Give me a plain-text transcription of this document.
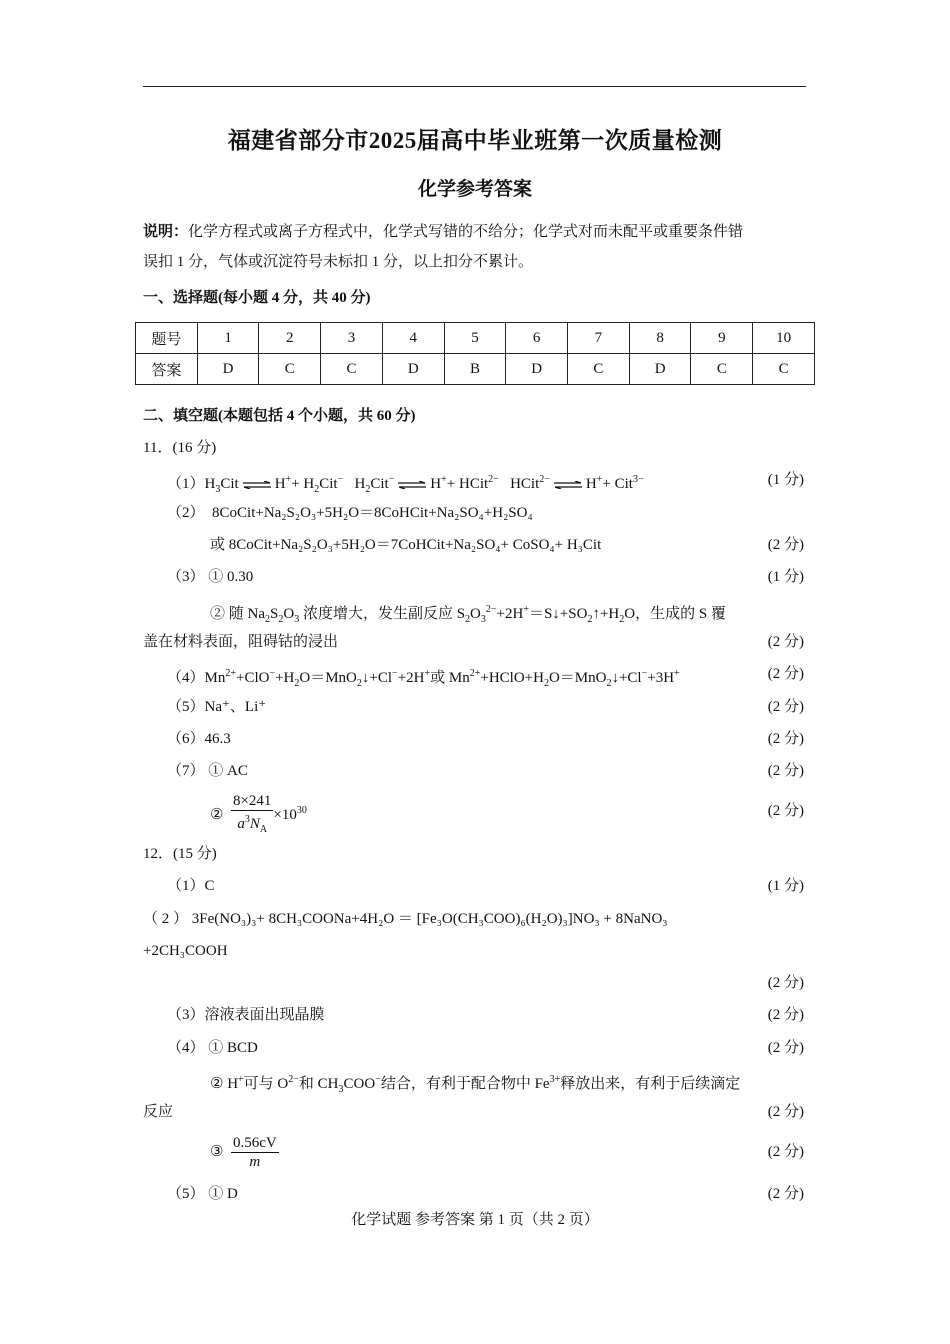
福建省部分市2025届高中毕业班第一次质量检测
化学参考答案
说明：化学方程式或离子方程式中，化学式写错的不给分；化学式对而未配平或重要条件错
误扣 1 分，气体或沉淀符号未标扣 1 分，以上扣分不累计。
一、选择题(每小题 4 分，共 40 分)
题号	1	2	3	4	5	6	7	8	9	10
答案	D	C	C	D	B	D	C	D	C	C
二、填空题(本题包括 4 个小题，共 60 分)
11．(16 分)
$(1)H_3Cit$ ⇌ $H^++ H_2Cit^-$   $H_2Cit^-$ ⇌ H++ HCit$^{2-}$   HCit$^{2-}$ ⇌ H++ Cit$^{3-}$	(1 分)
（2） 8CoCit+Na₂S₂O₃+5H₂O＝8CoHCit+Na₂SO₄+H₂SO₄
或 8CoCit+Na₂S₂O₃+5H₂O＝7CoHCit+Na₂SO₄+ CoSO₄+ H₃Cit	(2 分)
（3） ① 0.30	(1 分)
② 随 $Na_2S_2O_3$ 浓度增大，发生副反应 $S_2O_3^{2-}+2H^+=S↓+SO_2↑+H_2O$，生成的 S 覆
盖在材料表面，阻碍钴的浸出	(2 分)
$(4)Mn^{2+}+ClO^-+H_2O=MnO_2↓+Cl^-+2H^+$或 $Mn^{2+}+HClO+H_2O=MnO_2↓+Cl^-+3H^+$	(2 分)
（5）Na⁺、Li⁺	(2 分)
（6）46.3	(2 分)
（7） ① AC	(2 分)
② $\frac{8\times 241}{a^3N_A} \times 10^{30}$	(2 分)
12．(15 分)
（1）C	(1 分)
（ 2 ） 3Fe(NO₃)₃+ 8CH₃COONa+4H₂O ＝ [Fe₃O(CH₃COO)₆(H₂O)₃]NO₃ + 8NaNO₃
+2CH₃COOH
(2 分)
（3）溶液表面出现晶膜	(2 分)
（4） ① BCD	(2 分)
② H+可与 $O^{2-}$和 $CH_3COO^-$结合，有利于配合物中 $Fe^{3+}$释放出来，有利于后续滴定
反应	(2 分)
③ $\frac{0.56cV}{m}$	(2 分)
（5） ① D	(2 分)
化学试题 参考答案 第 1 页（共 2 页）
